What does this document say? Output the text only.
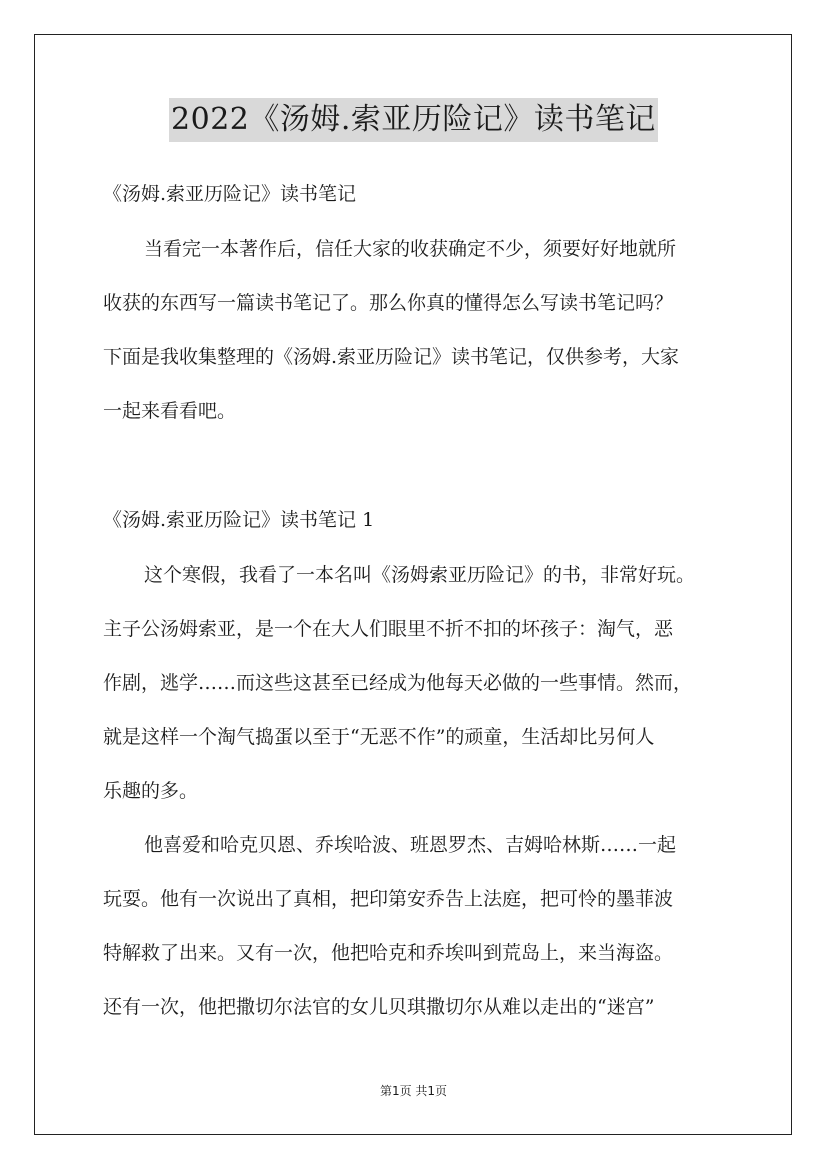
2022《汤姆.索亚历险记》读书笔记
《汤姆.索亚历险记》读书笔记
当看完一本著作后，信任大家的收获确定不少，须要好好地就所
收获的东西写一篇读书笔记了。那么你真的懂得怎么写读书笔记吗？
下面是我收集整理的《汤姆.索亚历险记》读书笔记，仅供参考，大家
一起来看看吧。
《汤姆.索亚历险记》读书笔记 1
这个寒假，我看了一本名叫《汤姆索亚历险记》的书，非常好玩。
主子公汤姆索亚，是一个在大人们眼里不折不扣的坏孩子：淘气，恶
作剧，逃学……而这些这甚至已经成为他每天必做的一些事情。然而，
就是这样一个淘气捣蛋以至于“无恶不作”的顽童，生活却比另何人
乐趣的多。
他喜爱和哈克贝恩、乔埃哈波、班恩罗杰、吉姆哈林斯……一起
玩耍。他有一次说出了真相，把印第安乔告上法庭，把可怜的墨菲波
特解救了出来。又有一次，他把哈克和乔埃叫到荒岛上，来当海盗。
还有一次，他把撒切尔法官的女儿贝琪撒切尔从难以走出的“迷宫”
第1页 共1页
